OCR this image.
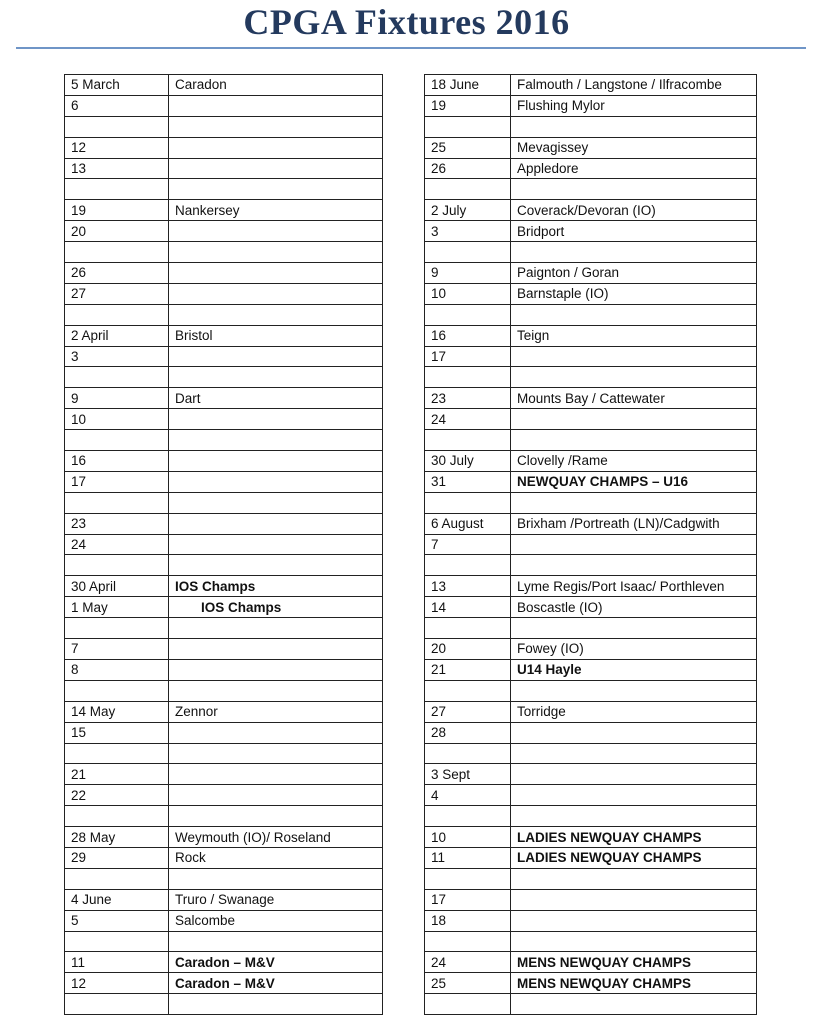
CPGA Fixtures 2016
5 March	Caradon
6	

12	
13	

19	Nankersey
20	

26	
27	

2 April	Bristol
3	

9	Dart
10	

16	
17	

23	
24	

30 April	IOS Champs
1 May	IOS Champs

7	
8	

14 May	Zennor
15	

21	
22	

28 May	Weymouth (IO)/ Roseland
29	Rock

4 June	Truro / Swanage
5	Salcombe

11	Caradon – M&V
12	Caradon – M&V

18 June	Falmouth / Langstone / Ilfracombe
19	Flushing Mylor

25	Mevagissey
26	Appledore

2 July	Coverack/Devoran (IO)
3	Bridport

9	Paignton / Goran
10	Barnstaple (IO)

16	Teign
17	

23	Mounts Bay / Cattewater
24	

30 July	Clovelly /Rame
31	NEWQUAY CHAMPS – U16

6 August	Brixham /Portreath (LN)/Cadgwith
7	

13	Lyme Regis/Port Isaac/ Porthleven
14	Boscastle (IO)

20	Fowey (IO)
21	U14 Hayle

27	Torridge
28	

3 Sept	
4	

10	LADIES NEWQUAY CHAMPS
11	LADIES NEWQUAY CHAMPS

17	
18	

24	MENS NEWQUAY CHAMPS
25	MENS NEWQUAY CHAMPS
